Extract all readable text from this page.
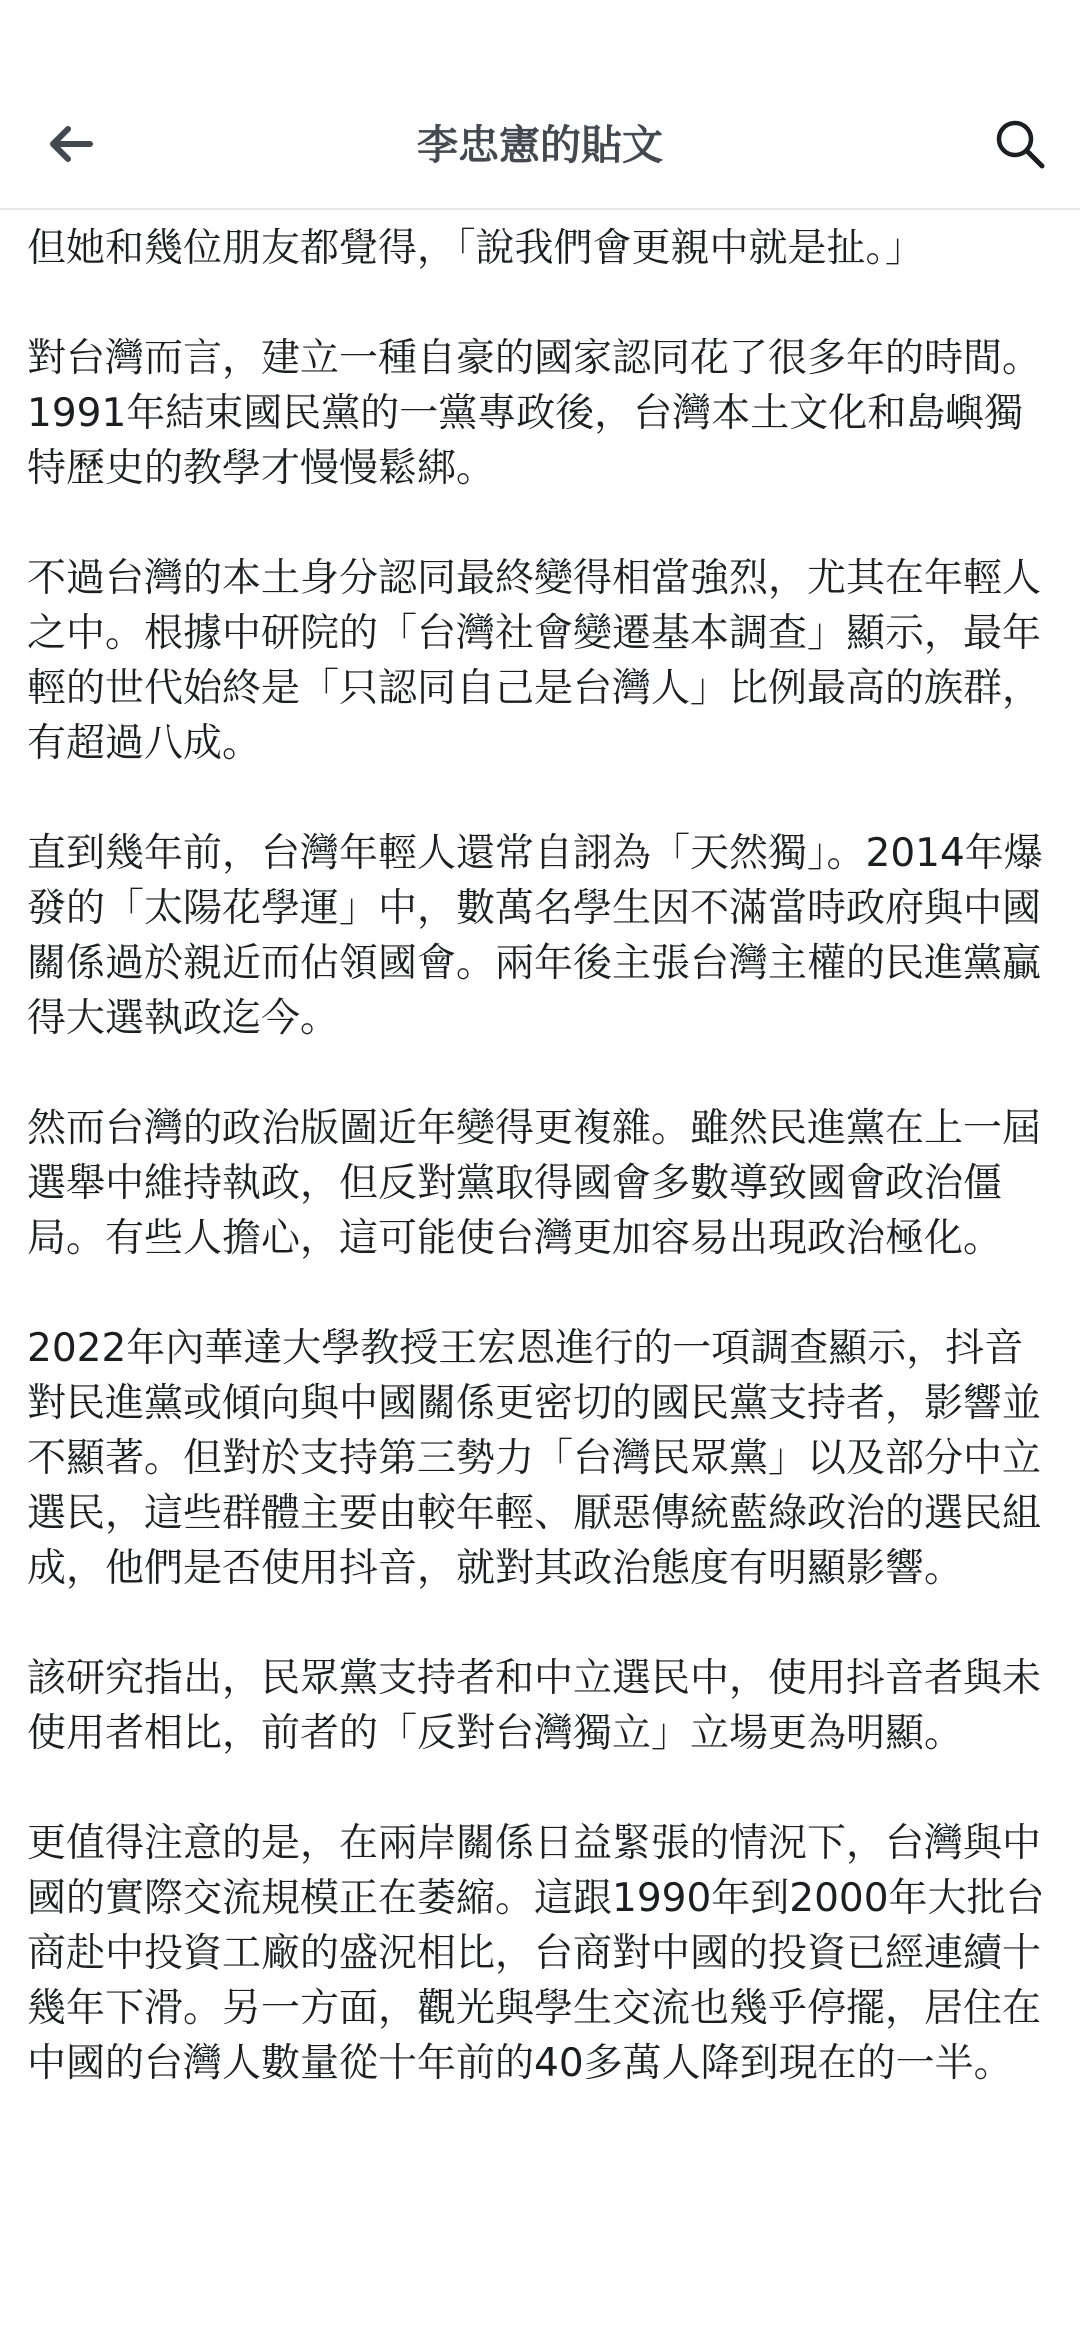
李忠憲的貼文

但她和幾位朋友都覺得，「說我們會更親中就是扯。」

對台灣而言，建立一種自豪的國家認同花了很多年的時間。1991年結束國民黨的一黨專政後，台灣本土文化和島嶼獨特歷史的教學才慢慢鬆綁。

不過台灣的本土身分認同最終變得相當強烈，尤其在年輕人之中。根據中研院的「台灣社會變遷基本調查」顯示，最年輕的世代始終是「只認同自己是台灣人」比例最高的族群，有超過八成。

直到幾年前，台灣年輕人還常自詡為「天然獨」。2014年爆發的「太陽花學運」中，數萬名學生因不滿當時政府與中國關係過於親近而佔領國會。兩年後主張台灣主權的民進黨贏得大選執政迄今。

然而台灣的政治版圖近年變得更複雜。雖然民進黨在上一屆選舉中維持執政，但反對黨取得國會多數導致國會政治僵局。有些人擔心，這可能使台灣更加容易出現政治極化。

2022年內華達大學教授王宏恩進行的一項調查顯示，抖音對民進黨或傾向與中國關係更密切的國民黨支持者，影響並不顯著。但對於支持第三勢力「台灣民眾黨」以及部分中立選民，這些群體主要由較年輕、厭惡傳統藍綠政治的選民組成，他們是否使用抖音，就對其政治態度有明顯影響。

該研究指出，民眾黨支持者和中立選民中，使用抖音者與未使用者相比，前者的「反對台灣獨立」立場更為明顯。

更值得注意的是，在兩岸關係日益緊張的情況下，台灣與中國的實際交流規模正在萎縮。這跟1990年到2000年大批台商赴中投資工廠的盛況相比，台商對中國的投資已經連續十幾年下滑。另一方面，觀光與學生交流也幾乎停擺，居住在中國的台灣人數量從十年前的40多萬人降到現在的一半。
